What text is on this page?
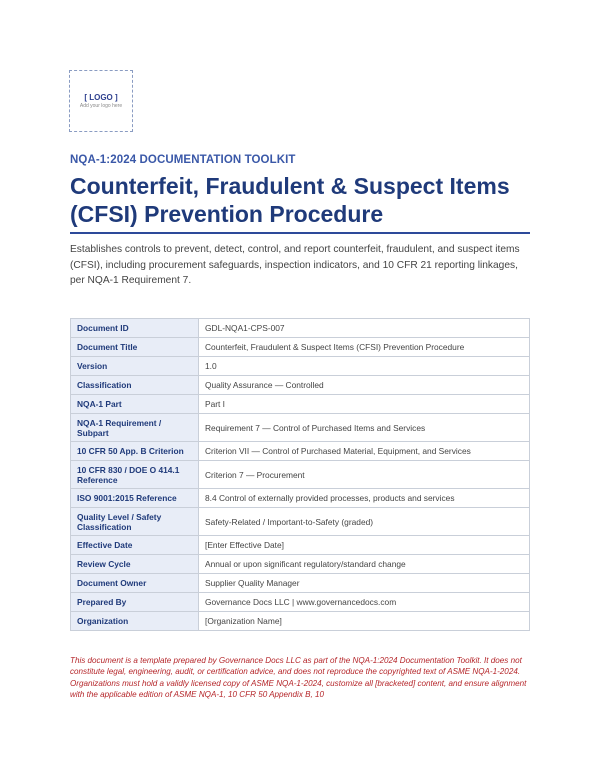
[ LOGO ]
Add your logo here
NQA-1:2024 DOCUMENTATION TOOLKIT
Counterfeit, Fraudulent & Suspect Items (CFSI) Prevention Procedure

Establishes controls to prevent, detect, control, and report counterfeit, fraudulent, and suspect items (CFSI), including procurement safeguards, inspection indicators, and 10 CFR 21 reporting linkages, per NQA-1 Requirement 7.

Document ID	GDL-NQA1-CPS-007
Document Title	Counterfeit, Fraudulent & Suspect Items (CFSI) Prevention Procedure
Version	1.0
Classification	Quality Assurance — Controlled
NQA-1 Part	Part I
NQA-1 Requirement / Subpart	Requirement 7 — Control of Purchased Items and Services
10 CFR 50 App. B Criterion	Criterion VII — Control of Purchased Material, Equipment, and Services
10 CFR 830 / DOE O 414.1 Reference	Criterion 7 — Procurement
ISO 9001:2015 Reference	8.4 Control of externally provided processes, products and services
Quality Level / Safety Classification	Safety-Related / Important-to-Safety (graded)
Effective Date	[Enter Effective Date]
Review Cycle	Annual or upon significant regulatory/standard change
Document Owner	Supplier Quality Manager
Prepared By	Governance Docs LLC | www.governancedocs.com
Organization	[Organization Name]

This document is a template prepared by Governance Docs LLC as part of the NQA-1:2024 Documentation Toolkit. It does not constitute legal, engineering, audit, or certification advice, and does not reproduce the copyrighted text of ASME NQA-1-2024. Organizations must hold a validly licensed copy of ASME NQA-1-2024, customize all [bracketed] content, and ensure alignment with the applicable edition of ASME NQA-1, 10 CFR 50 Appendix B, 10
